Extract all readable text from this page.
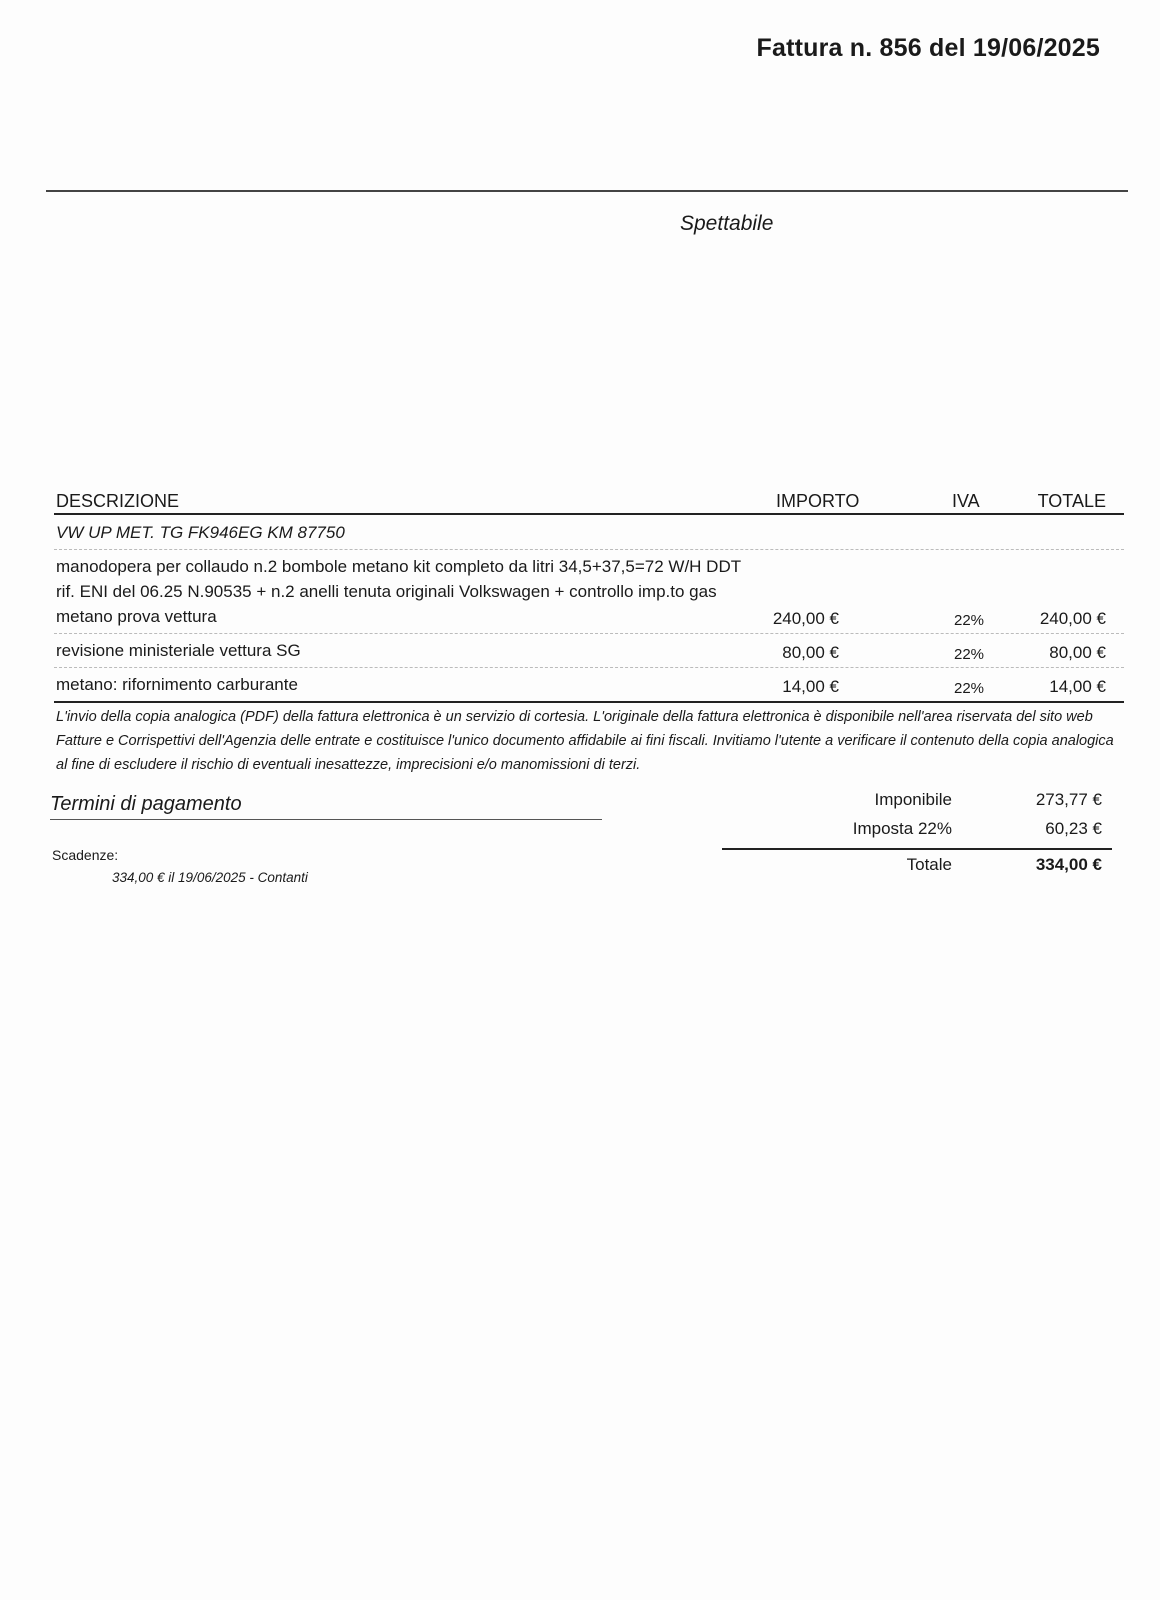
Fattura n. 856 del 19/06/2025
Spettabile
DESCRIZIONE	IMPORTO	IVA	TOTALE
VW UP MET. TG FK946EG KM 87750
manodopera per collaudo n.2 bombole metano kit completo da litri 34,5+37,5=72 W/H DDT rif. ENI del 06.25 N.90535 + n.2 anelli tenuta originali Volkswagen + controllo imp.to gas metano prova vettura	240,00 €	22%	240,00 €
revisione ministeriale vettura SG	80,00 €	22%	80,00 €
metano: rifornimento carburante	14,00 €	22%	14,00 €
L'invio della copia analogica (PDF) della fattura elettronica è un servizio di cortesia. L'originale della fattura elettronica è disponibile nell'area riservata del sito web Fatture e Corrispettivi dell'Agenzia delle entrate e costituisce l'unico documento affidabile ai fini fiscali. Invitiamo l'utente a verificare il contenuto della copia analogica al fine di escludere il rischio di eventuali inesattezze, imprecisioni e/o manomissioni di terzi.
Termini di pagamento
Scadenze:
334,00 € il 19/06/2025 - Contanti
Imponibile	273,77 €
Imposta 22%	60,23 €
Totale	334,00 €
